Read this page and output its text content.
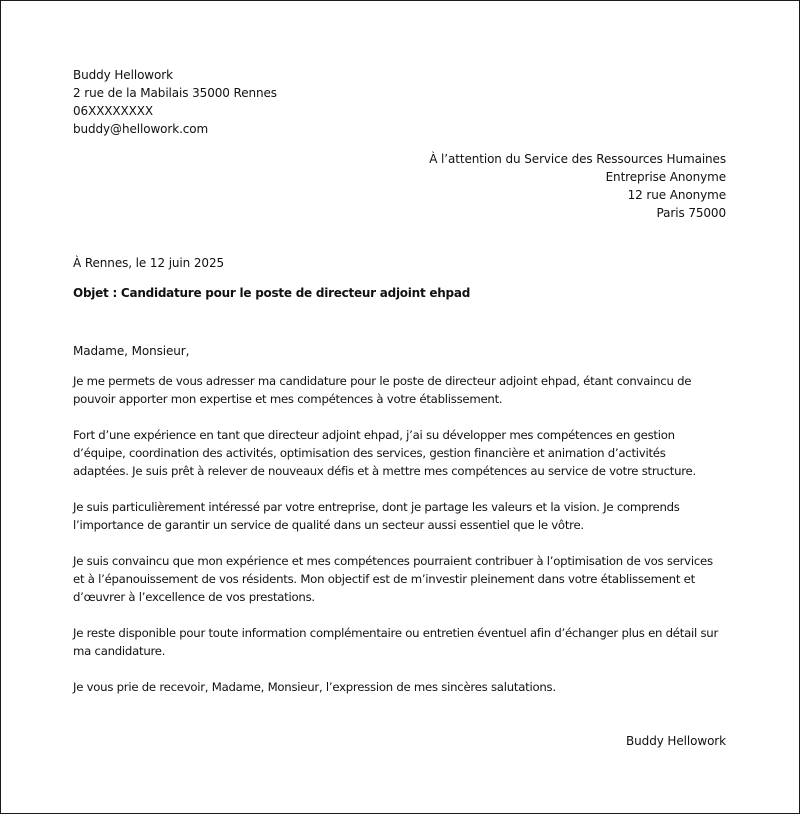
Buddy Hellowork
2 rue de la Mabilais 35000 Rennes
06XXXXXXXX
buddy@hellowork.com
À l’attention du Service des Ressources Humaines
Entreprise Anonyme
12 rue Anonyme
Paris 75000
À Rennes, le 12 juin 2025
Objet : Candidature pour le poste de directeur adjoint ehpad
Madame, Monsieur,

Je me permets de vous adresser ma candidature pour le poste de directeur adjoint ehpad, étant convaincu de
pouvoir apporter mon expertise et mes compétences à votre établissement.

Fort d’une expérience en tant que directeur adjoint ehpad, j’ai su développer mes compétences en gestion
d’équipe, coordination des activités, optimisation des services, gestion financière et animation d’activités
adaptées. Je suis prêt à relever de nouveaux défis et à mettre mes compétences au service de votre structure.

Je suis particulièrement intéressé par votre entreprise, dont je partage les valeurs et la vision. Je comprends
l’importance de garantir un service de qualité dans un secteur aussi essentiel que le vôtre.

Je suis convaincu que mon expérience et mes compétences pourraient contribuer à l’optimisation de vos services
et à l’épanouissement de vos résidents. Mon objectif est de m’investir pleinement dans votre établissement et
d’œuvrer à l’excellence de vos prestations.

Je reste disponible pour toute information complémentaire ou entretien éventuel afin d’échanger plus en détail sur
ma candidature.

Je vous prie de recevoir, Madame, Monsieur, l’expression de mes sincères salutations.

Buddy Hellowork
